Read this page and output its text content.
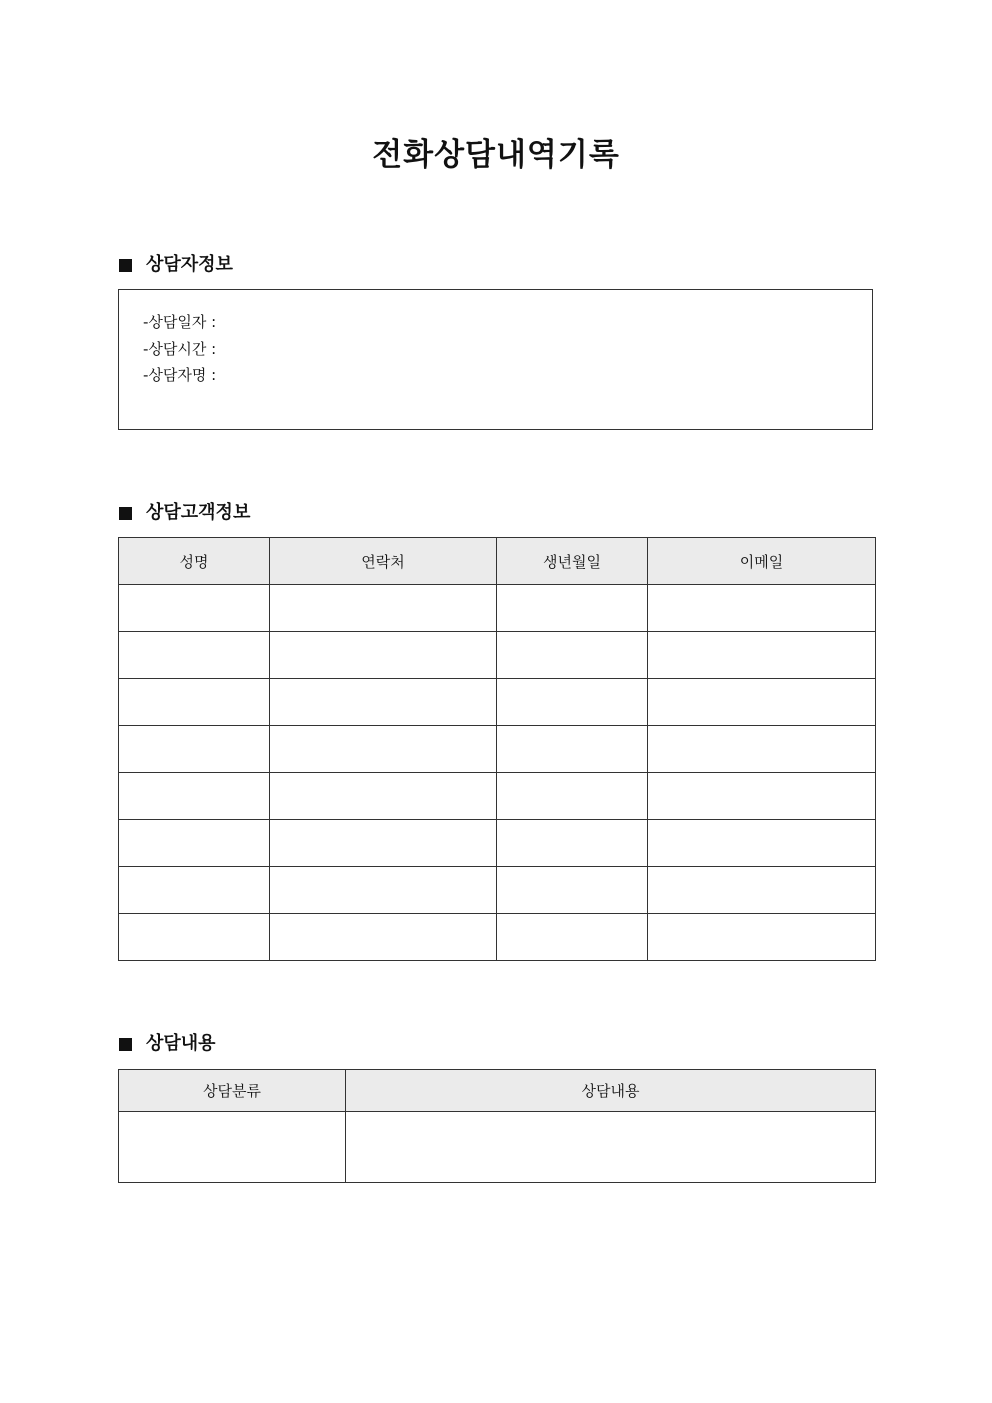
전화상담내역기록
상담자정보
-상담일자 :
-상담시간 :
-상담자명 :
상담고객정보
성명	연락처	생년월일	이메일

상담내용
상담분류	상담내용
